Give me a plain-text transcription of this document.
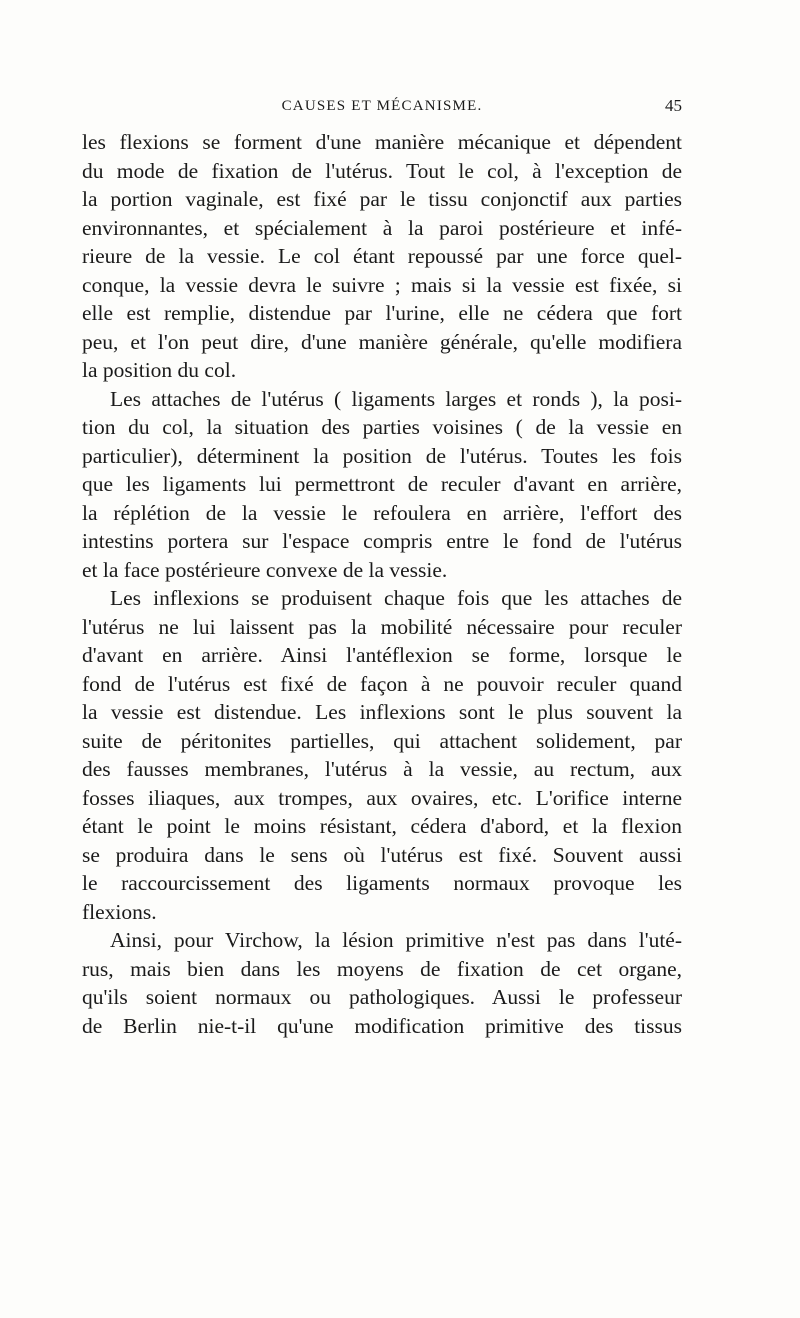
CAUSES ET MÉCANISME.	45
les flexions se forment d'une manière mécanique et dépendent
du mode de fixation de l'utérus. Tout le col, à l'exception de
la portion vaginale, est fixé par le tissu conjonctif aux parties
environnantes, et spécialement à la paroi postérieure et infé-
rieure de la vessie. Le col étant repoussé par une force quel-
conque, la vessie devra le suivre ; mais si la vessie est fixée, si
elle est remplie, distendue par l'urine, elle ne cédera que fort
peu, et l'on peut dire, d'une manière générale, qu'elle modifiera
la position du col.
Les attaches de l'utérus ( ligaments larges et ronds ), la posi-
tion du col, la situation des parties voisines ( de la vessie en
particulier), déterminent la position de l'utérus. Toutes les fois
que les ligaments lui permettront de reculer d'avant en arrière,
la réplétion de la vessie le refoulera en arrière, l'effort des
intestins portera sur l'espace compris entre le fond de l'utérus
et la face postérieure convexe de la vessie.
Les inflexions se produisent chaque fois que les attaches de
l'utérus ne lui laissent pas la mobilité nécessaire pour reculer
d'avant en arrière. Ainsi l'antéflexion se forme, lorsque le
fond de l'utérus est fixé de façon à ne pouvoir reculer quand
la vessie est distendue. Les inflexions sont le plus souvent la
suite de péritonites partielles, qui attachent solidement, par
des fausses membranes, l'utérus à la vessie, au rectum, aux
fosses iliaques, aux trompes, aux ovaires, etc. L'orifice interne
étant le point le moins résistant, cédera d'abord, et la flexion
se produira dans le sens où l'utérus est fixé. Souvent aussi
le raccourcissement des ligaments normaux provoque les
flexions.
Ainsi, pour Virchow, la lésion primitive n'est pas dans l'uté-
rus, mais bien dans les moyens de fixation de cet organe,
qu'ils soient normaux ou pathologiques. Aussi le professeur
de Berlin nie-t-il qu'une modification primitive des tissus
